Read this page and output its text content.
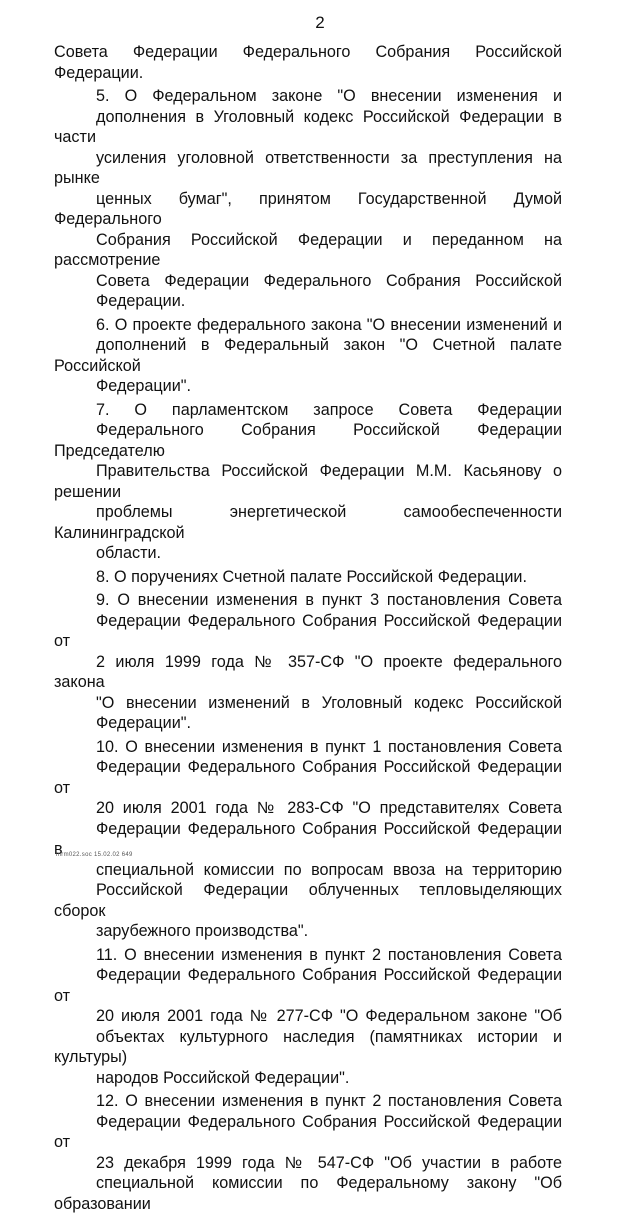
2

Совета Федерации Федерального Собрания Российской
Федерации.

5. О Федеральном законе "О внесении изменения и
дополнения в Уголовный кодекс Российской Федерации в части
усиления уголовной ответственности за преступления на рынке
ценных бумаг", принятом Государственной Думой Федерального
Собрания Российской Федерации и переданном на рассмотрение
Совета Федерации Федерального Собрания Российской
Федерации.

6. О проекте федерального закона "О внесении изменений и
дополнений в Федеральный закон "О Счетной палате Российской
Федерации".

7. О парламентском запросе Совета Федерации
Федерального Собрания Российской Федерации Председателю
Правительства Российской Федерации М.М. Касьянову о решении
проблемы энергетической самообеспеченности Калининградской
области.

8. О поручениях Счетной палате Российской Федерации.

9. О внесении изменения в пункт 3 постановления Совета
Федерации Федерального Собрания Российской Федерации от
2 июля 1999 года № 357-СФ "О проекте федерального закона
"О внесении изменений в Уголовный кодекс Российской
Федерации".

10. О внесении изменения в пункт 1 постановления Совета
Федерации Федерального Собрания Российской Федерации от
20 июля 2001 года № 283-СФ "О представителях Совета
Федерации Федерального Собрания Российской Федерации в
специальной комиссии по вопросам ввоза на территорию
Российской Федерации облученных тепловыделяющих сборок
зарубежного производства".

11. О внесении изменения в пункт 2 постановления Совета
Федерации Федерального Собрания Российской Федерации от
20 июля 2001 года № 277-СФ "О Федеральном законе "Об
объектах культурного наследия (памятниках истории и культуры)
народов Российской Федерации".

12. О внесении изменения в пункт 2 постановления Совета
Федерации Федерального Собрания Российской Федерации от
23 декабря 1999 года № 547-СФ "Об участии в работе
специальной комиссии по Федеральному закону "Об образовании

mrm022.soc 15.02.02 649
